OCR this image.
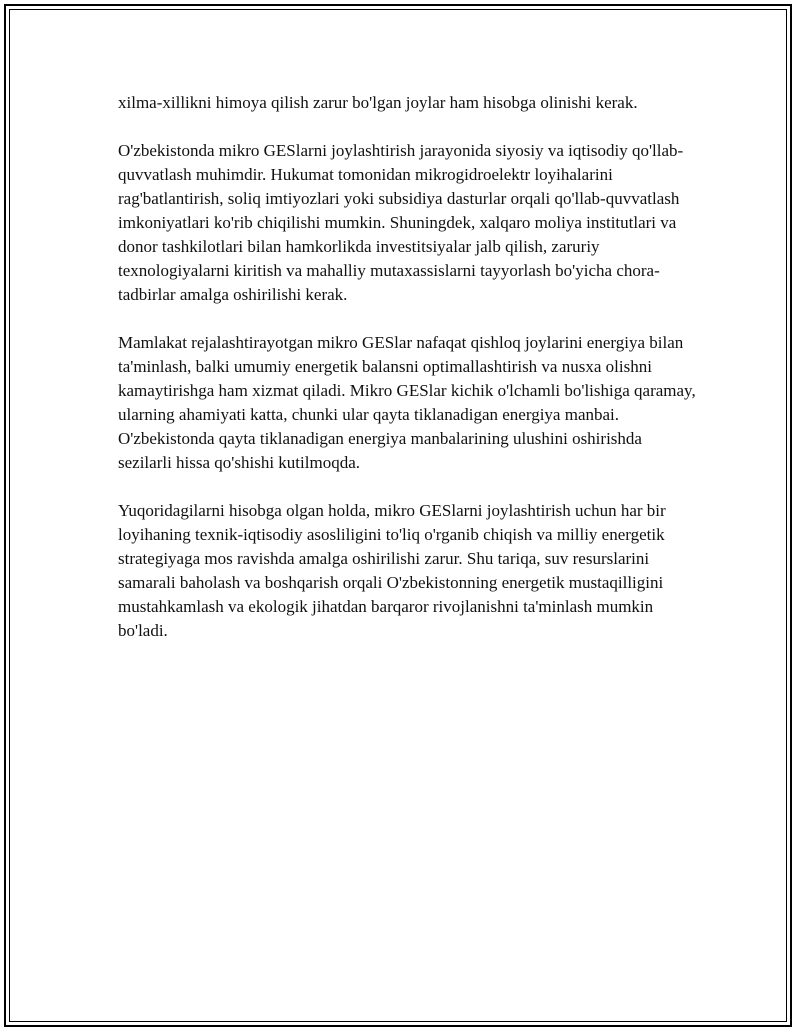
xilma-xillikni himoya qilish zarur bo'lgan joylar ham hisobga olinishi kerak.

O'zbekistonda mikro GESlarni joylashtirish jarayonida siyosiy va iqtisodiy qo'llab-quvvatlash muhimdir. Hukumat tomonidan mikrogidroelektr loyihalarini rag'batlantirish, soliq imtiyozlari yoki subsidiya dasturlar orqali qo'llab-quvvatlash imkoniyatlari ko'rib chiqilishi mumkin. Shuningdek, xalqaro moliya institutlari va donor tashkilotlari bilan hamkorlikda investitsiyalar jalb qilish, zaruriy texnologiyalarni kiritish va mahalliy mutaxassislarni tayyorlash bo'yicha chora-tadbirlar amalga oshirilishi kerak.

Mamlakat rejalashtirayotgan mikro GESlar nafaqat qishloq joylarini energiya bilan ta'minlash, balki umumiy energetik balansni optimallashtirish va nusxa olishni kamaytirishga ham xizmat qiladi. Mikro GESlar kichik o'lchamli bo'lishiga qaramay, ularning ahamiyati katta, chunki ular qayta tiklanadigan energiya manbai. O'zbekistonda qayta tiklanadigan energiya manbalarining ulushini oshirishda sezilarli hissa qo'shishi kutilmoqda.

Yuqoridagilarni hisobga olgan holda, mikro GESlarni joylashtirish uchun har bir loyihaning texnik-iqtisodiy asosliligini to'liq o'rganib chiqish va milliy energetik strategiyaga mos ravishda amalga oshirilishi zarur. Shu tariqa, suv resurslarini samarali baholash va boshqarish orqali O'zbekistonning energetik mustaqilligini mustahkamlash va ekologik jihatdan barqaror rivojlanishni ta'minlash mumkin bo'ladi.
